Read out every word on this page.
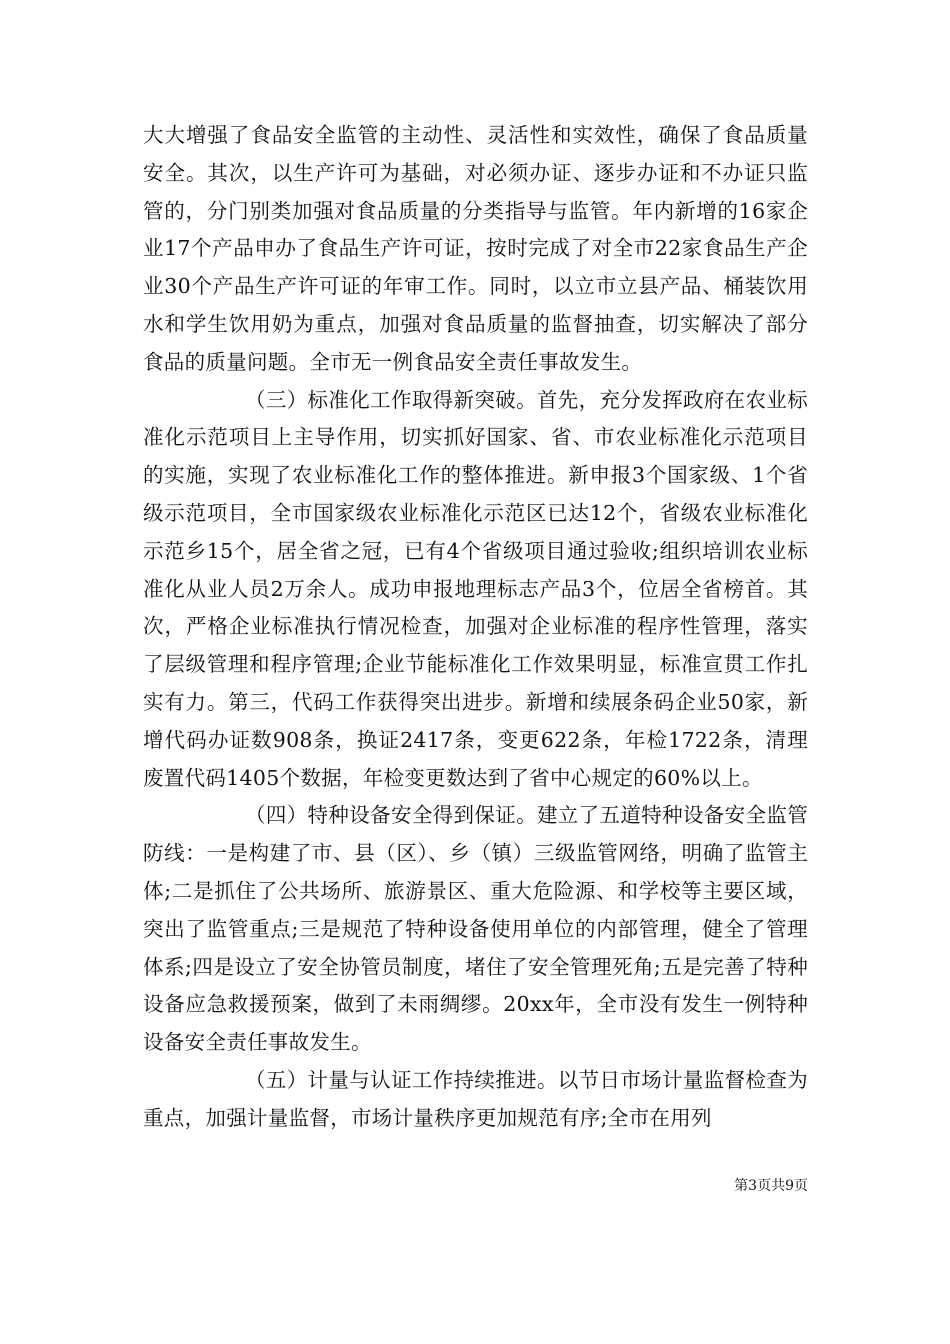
大大增强了食品安全监管的主动性、灵活性和实效性，确保了食品质量安全。其次，以生产许可为基础，对必须办证、逐步办证和不办证只监管的，分门别类加强对食品质量的分类指导与监管。年内新增的16家企业17个产品申办了食品生产许可证，按时完成了对全市22家食品生产企业30个产品生产许可证的年审工作。同时，以立市立县产品、桶装饮用水和学生饮用奶为重点，加强对食品质量的监督抽查，切实解决了部分食品的质量问题。全市无一例食品安全责任事故发生。

（三）标准化工作取得新突破。首先，充分发挥政府在农业标准化示范项目上主导作用，切实抓好国家、省、市农业标准化示范项目的实施，实现了农业标准化工作的整体推进。新申报3个国家级、1个省级示范项目，全市国家级农业标准化示范区已达12个，省级农业标准化示范乡15个，居全省之冠，已有4个省级项目通过验收;组织培训农业标准化从业人员2万余人。成功申报地理标志产品3个，位居全省榜首。其次，严格企业标准执行情况检查，加强对企业标准的程序性管理，落实了层级管理和程序管理;企业节能标准化工作效果明显，标准宣贯工作扎实有力。第三，代码工作获得突出进步。新增和续展条码企业50家，新增代码办证数908条，换证2417条，变更622条，年检1722条，清理废置代码1405个数据，年检变更数达到了省中心规定的60%以上。

（四）特种设备安全得到保证。建立了五道特种设备安全监管防线：一是构建了市、县（区）、乡（镇）三级监管网络，明确了监管主体;二是抓住了公共场所、旅游景区、重大危险源、和学校等主要区域，突出了监管重点;三是规范了特种设备使用单位的内部管理，健全了管理体系;四是设立了安全协管员制度，堵住了安全管理死角;五是完善了特种设备应急救援预案，做到了未雨绸缪。20xx年，全市没有发生一例特种设备安全责任事故发生。

（五）计量与认证工作持续推进。以节日市场计量监督检查为重点，加强计量监督，市场计量秩序更加规范有序;全市在用列

第3页共9页
